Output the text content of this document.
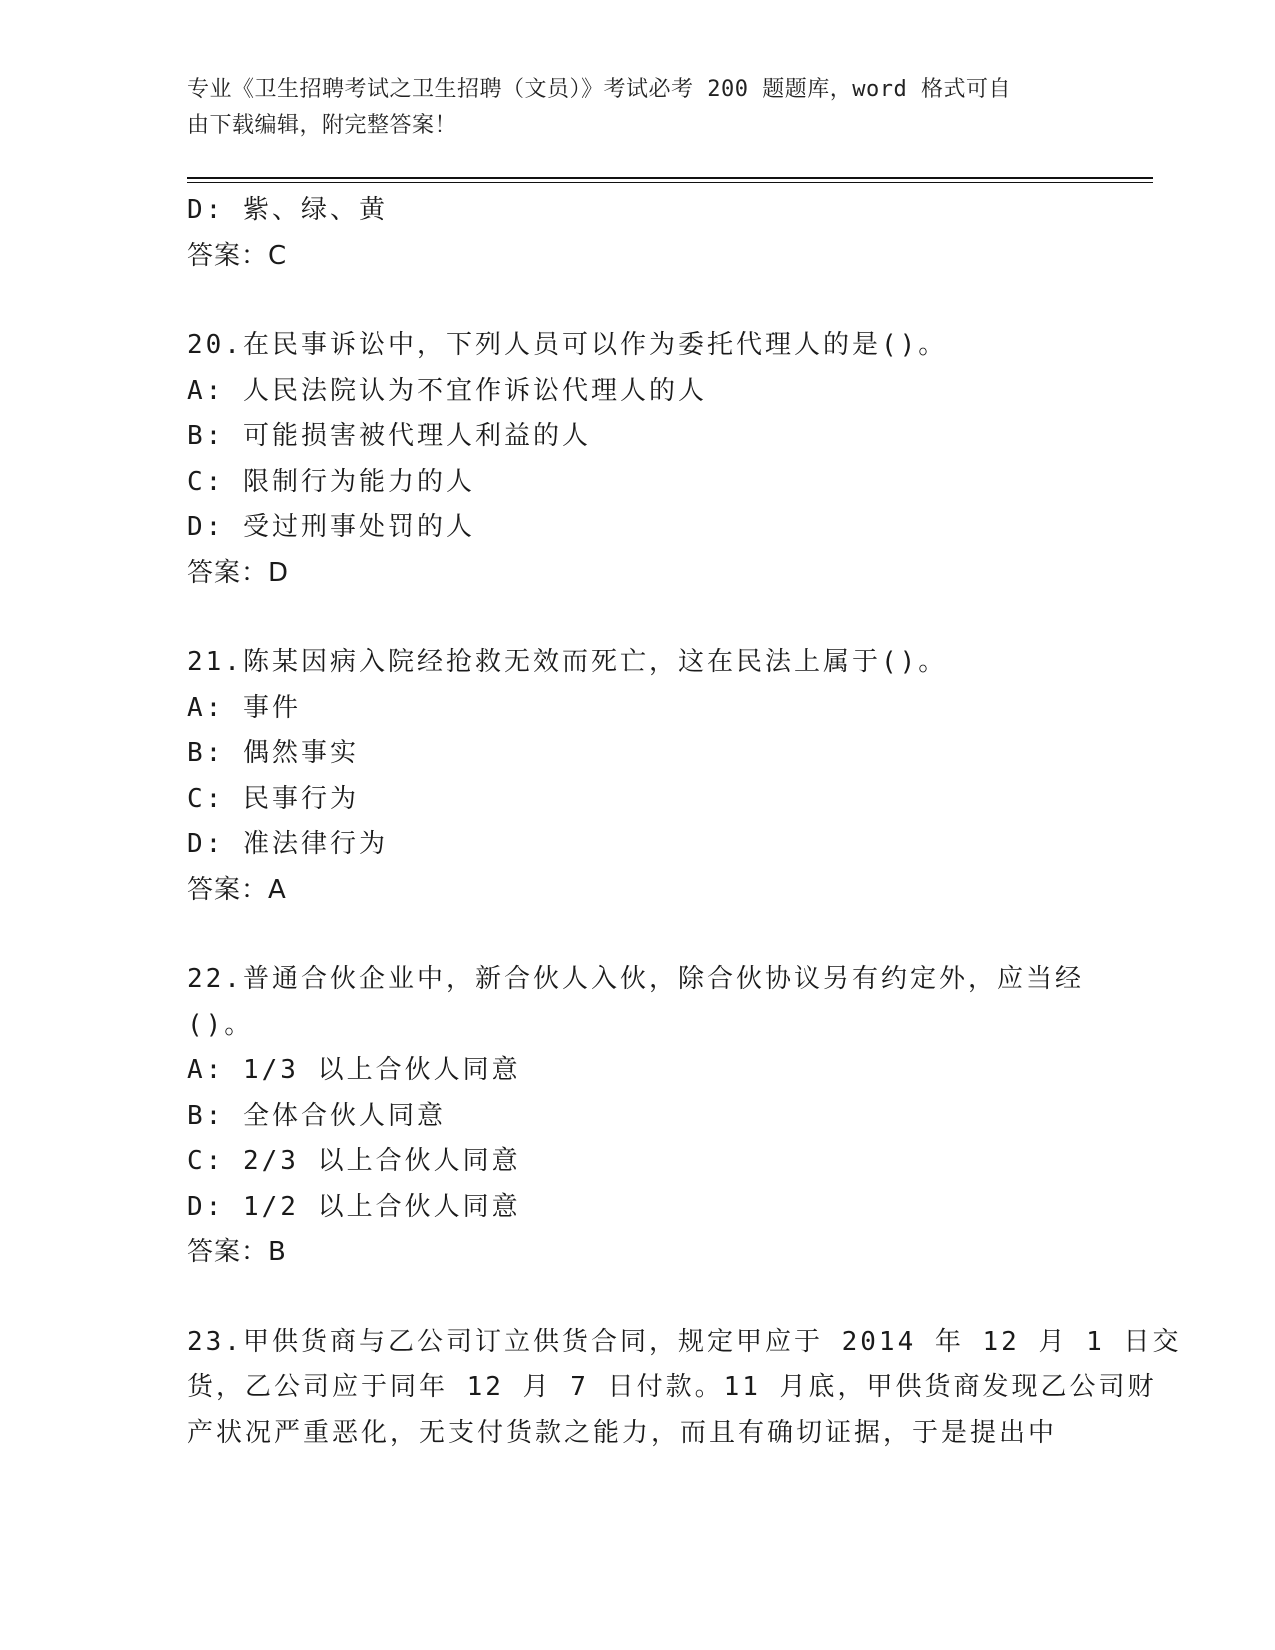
专业《卫生招聘考试之卫生招聘（文员）》考试必考 200 题题库，word 格式可自
由下载编辑，附完整答案！
D: 紫、绿、黄
答案：C
20.在民事诉讼中，下列人员可以作为委托代理人的是()。
A: 人民法院认为不宜作诉讼代理人的人
B: 可能损害被代理人利益的人
C: 限制行为能力的人
D: 受过刑事处罚的人
答案：D
21.陈某因病入院经抢救无效而死亡，这在民法上属于()。
A: 事件
B: 偶然事实
C: 民事行为
D: 准法律行为
答案：A
22.普通合伙企业中，新合伙人入伙，除合伙协议另有约定外，应当经
()。
A: 1/3 以上合伙人同意
B: 全体合伙人同意
C: 2/3 以上合伙人同意
D: 1/2 以上合伙人同意
答案：B
23.甲供货商与乙公司订立供货合同，规定甲应于 2014 年 12 月 1 日交
货，乙公司应于同年 12 月 7 日付款。11 月底，甲供货商发现乙公司财
产状况严重恶化，无支付货款之能力，而且有确切证据，于是提出中
